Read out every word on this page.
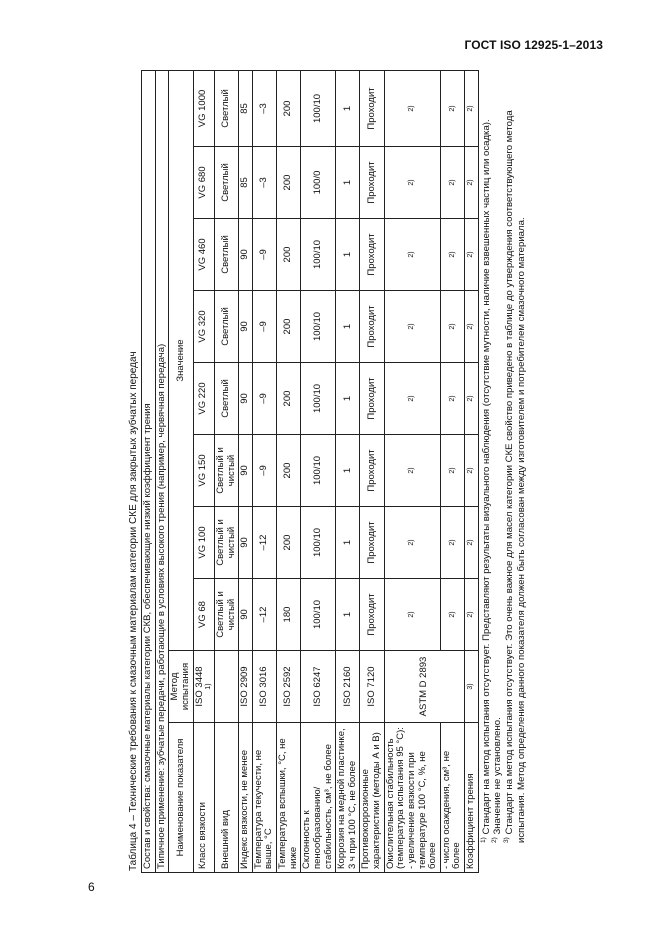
ГОСТ ISO 12925-1–2013
6
Таблица 4 – Технические требования к смазочным материалам категории СКЕ для закрытых зубчатых передач Состав и свойства: смазочные материалы категории СКВ, обеспечивающие низкий коэффициент трения									
Типичное применение: зубчатые передачи, работающие в условиях высокого трения (например, червячная передача)									
Наименование показателя	Метод испытания	Значение							
Класс вязкости	ISO 3448 1)	VG 68	VG 100	VG 150	VG 220	VG 320	VG 460	VG 680	VG 1000
Внешний вид		Светлый и чистый	Светлый и чистый	Светлый и чистый	Светлый	Светлый	Светлый	Светлый	Светлый
Индекс вязкости, не менее	ISO 2909	90	90	90	90	90	90	85	85
Температура текучести, не выше, °С	ISO 3016	–12	–12	–9	–9	–9	–9	–3	–3
Температура вспышки, °С, не ниже	ISO 2592	180	200	200	200	200	200	200	200
Склонность к пенообразованию/ стабильность, см³, не более	ISO 6247	100/10	100/10	100/10	100/10	100/10	100/10	100/0	100/10
Коррозия на медной пластинке, 3 ч при 100 °С, не более	ISO 2160	1	1	1	1	1	1	1	1
Противокоррозионные характеристики (методы А и В)	ISO 7120	Проходит	Проходит	Проходит	Проходит	Проходит	Проходит	Проходит	Проходит

Окислительная стабильность (температура испытания 95 °С): - увеличение вязкости при температуре 100 °С, %, не более	ASTM D 2893	2)	2)	2)	2)	2)	2)	2)	2)

- число осаждения, см³, не более		2)	2)	2)	2)	2)	2)	2)	2)
Коэффициент трения	3)	2)	2)	2)	2)	2)	2)	2)	2)

$^{1)}$ Стандарт на метод испытания отсутствует. Представляют результаты визуального наблюдения (отсутствие мутности, наличие взвешенных частиц или осадка).

$^{2)}$ Значение не установлено.

$^{3)}$ Стандарт на метод испытания отсутствует. Это очень важное для масел категории СКЕ свойство приведено в таблице до утверждения соответствующего метода испытания. Метод определения данного показателя должен быть согласован между изготовителем и потребителем смазочного материала.
